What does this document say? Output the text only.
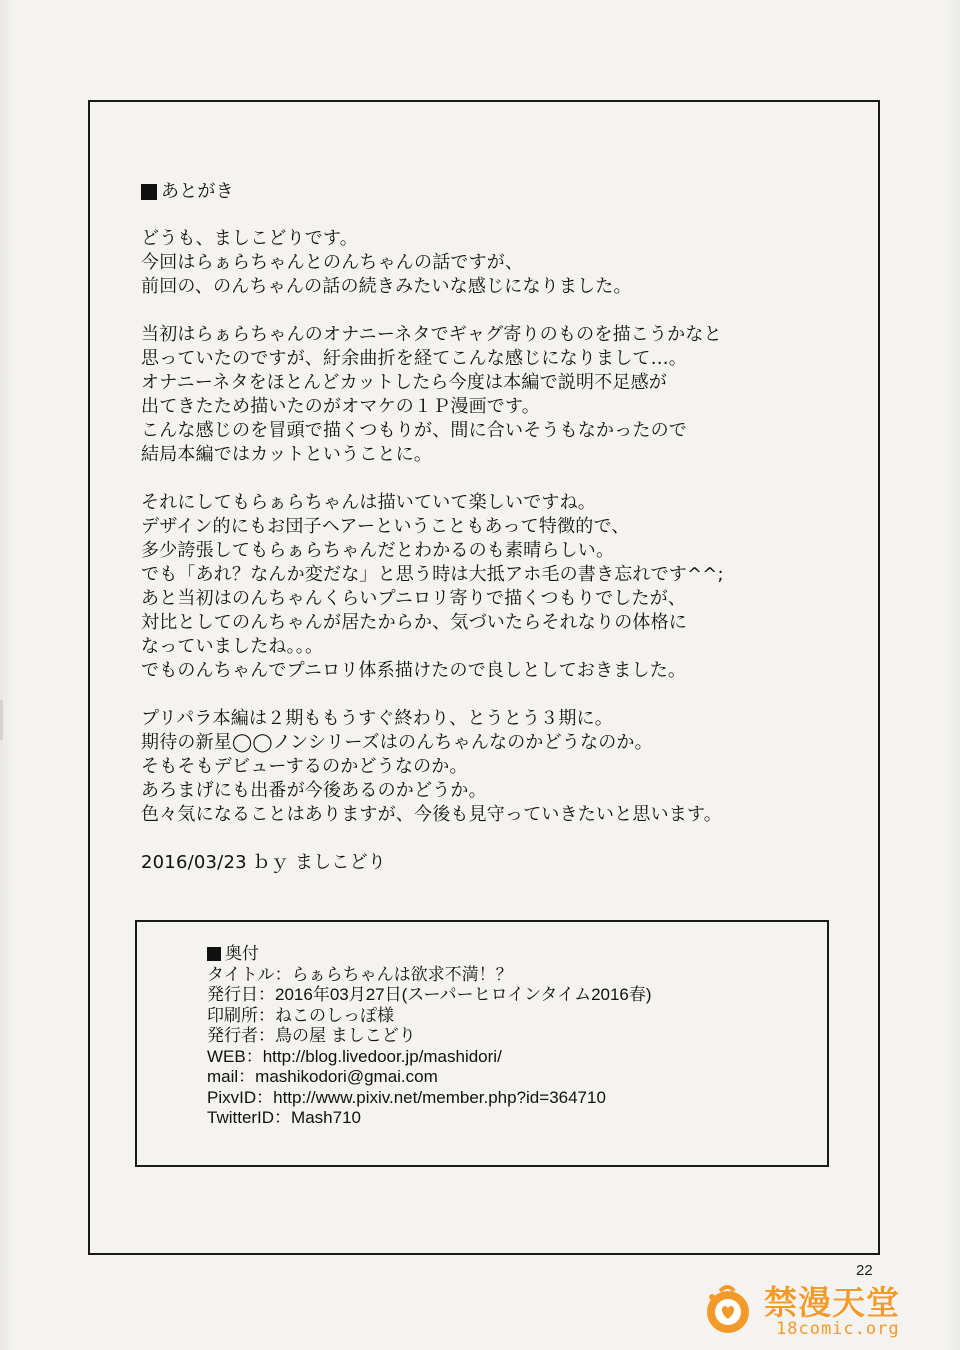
あとがき
どうも、ましこどりです。
今回はらぁらちゃんとのんちゃんの話ですが、
前回の、のんちゃんの話の続きみたいな感じになりました。
当初はらぁらちゃんのオナニーネタでギャグ寄りのものを描こうかなと
思っていたのですが、紆余曲折を経てこんな感じになりまして…。
オナニーネタをほとんどカットしたら今度は本編で説明不足感が
出てきたため描いたのがオマケの１Ｐ漫画です。
こんな感じのを冒頭で描くつもりが、間に合いそうもなかったので
結局本編ではカットということに。
それにしてもらぁらちゃんは描いていて楽しいですね。
デザイン的にもお団子ヘアーということもあって特徴的で、
多少誇張してもらぁらちゃんだとわかるのも素晴らしい。
でも「あれ？なんか変だな」と思う時は大抵アホ毛の書き忘れです^^;
あと当初はのんちゃんくらいプニロリ寄りで描くつもりでしたが、
対比としてのんちゃんが居たからか、気づいたらそれなりの体格に
なっていましたね。。。
でものんちゃんでプニロリ体系描けたので良しとしておきました。
プリパラ本編は２期ももうすぐ終わり、とうとう３期に。
期待の新星◯◯ノンシリーズはのんちゃんなのかどうなのか。
そもそもデビューするのかどうなのか。
あろまげにも出番が今後あるのかどうか。
色々気になることはありますが、今後も見守っていきたいと思います。
2016/03/23 ｂｙ ましこどり
奥付
タイトル：らぁらちゃんは欲求不満！？
発行日：2016年03月27日(スーパーヒロインタイム2016春)
印刷所：ねこのしっぽ様
発行者：鳥の屋 ましこどり
WEB：http://blog.livedoor.jp/mashidori/
mail：mashikodori@gmai.com
PixvID：http://www.pixiv.net/member.php?id=364710
TwitterID：Mash710
22
禁漫天堂
18comic.org
